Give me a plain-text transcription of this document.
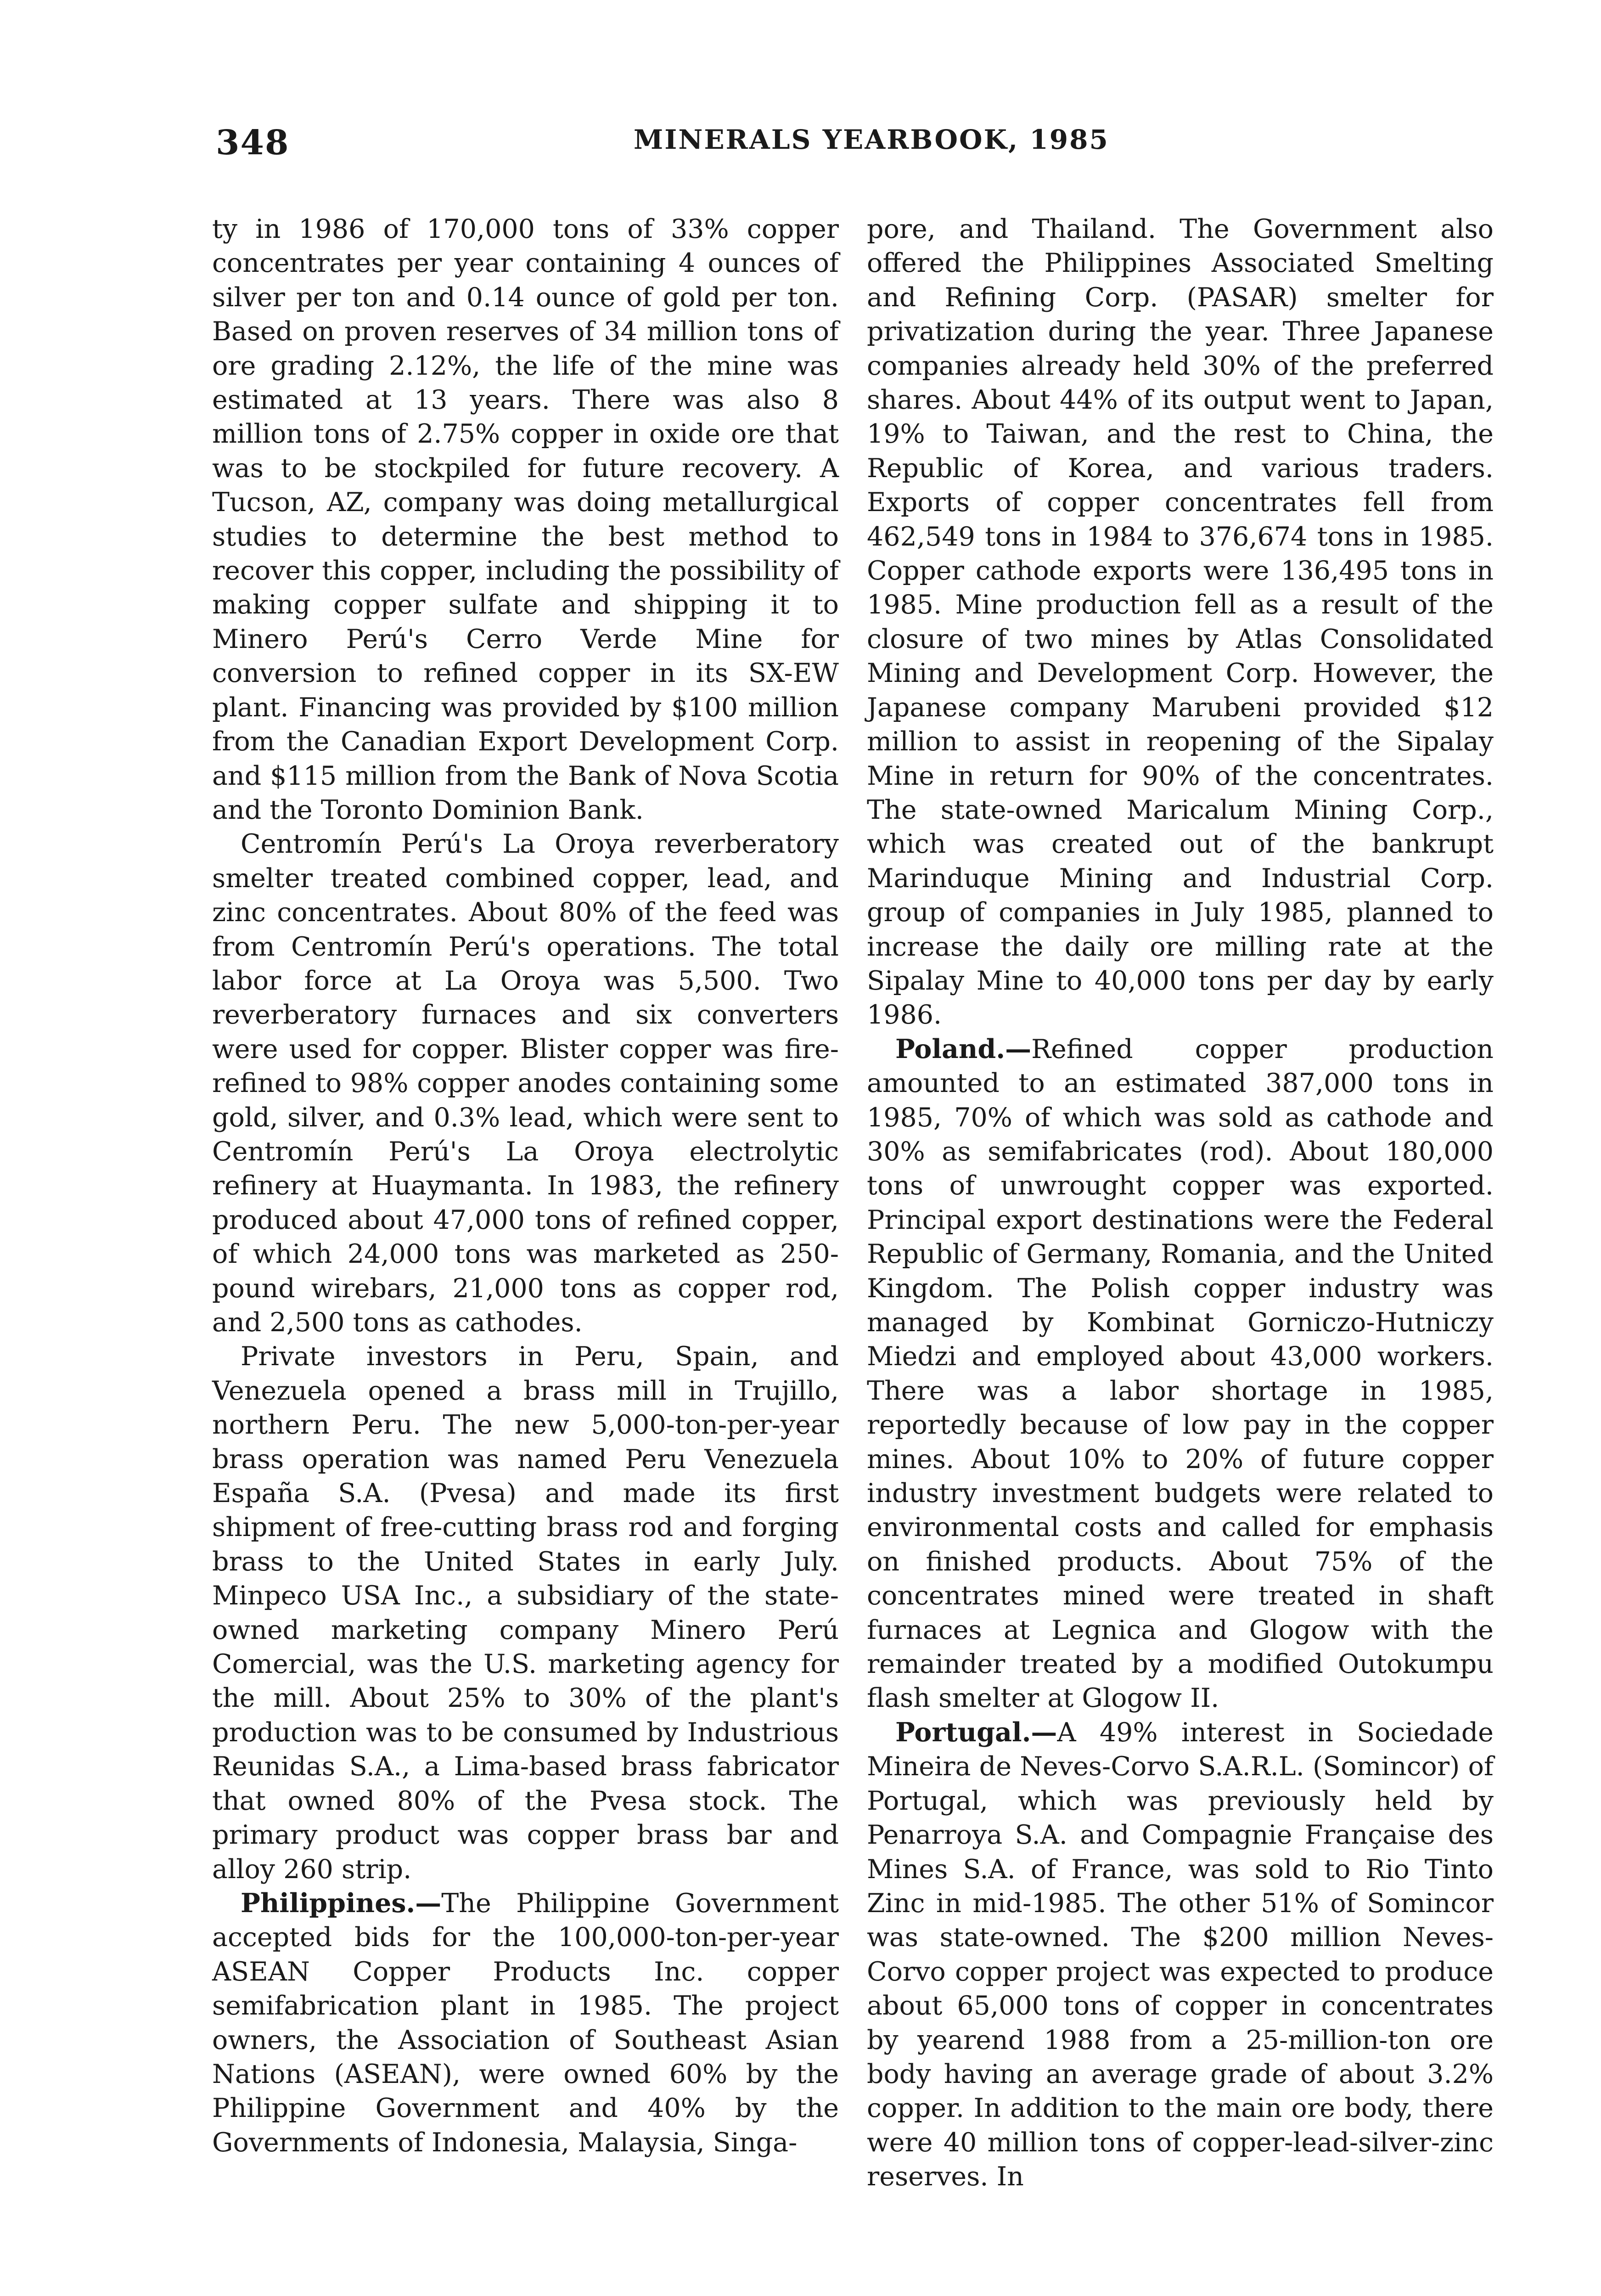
348	MINERALS YEARBOOK, 1985

ty in 1986 of 170,000 tons of 33% copper concentrates per year containing 4 ounces of silver per ton and 0.14 ounce of gold per ton. Based on proven reserves of 34 million tons of ore grading 2.12%, the life of the mine was estimated at 13 years. There was also 8 million tons of 2.75% copper in oxide ore that was to be stockpiled for future recovery. A Tucson, AZ, company was doing metallurgical studies to determine the best method to recover this copper, including the possibility of making copper sulfate and shipping it to Minero Perú's Cerro Verde Mine for conversion to refined copper in its SX-EW plant. Financing was provided by $100 million from the Canadian Export Development Corp. and $115 million from the Bank of Nova Scotia and the Toronto Dominion Bank.

Centromín Perú's La Oroya reverberatory smelter treated combined copper, lead, and zinc concentrates. About 80% of the feed was from Centromín Perú's operations. The total labor force at La Oroya was 5,500. Two reverberatory furnaces and six converters were used for copper. Blister copper was fire-refined to 98% copper anodes containing some gold, silver, and 0.3% lead, which were sent to Centromín Perú's La Oroya electrolytic refinery at Huaymanta. In 1983, the refinery produced about 47,000 tons of refined copper, of which 24,000 tons was marketed as 250-pound wirebars, 21,000 tons as copper rod, and 2,500 tons as cathodes.

Private investors in Peru, Spain, and Venezuela opened a brass mill in Trujillo, northern Peru. The new 5,000-ton-per-year brass operation was named Peru Venezuela España S.A. (Pvesa) and made its first shipment of free-cutting brass rod and forging brass to the United States in early July. Minpeco USA Inc., a subsidiary of the state-owned marketing company Minero Perú Comercial, was the U.S. marketing agency for the mill. About 25% to 30% of the plant's production was to be consumed by Industrious Reunidas S.A., a Lima-based brass fabricator that owned 80% of the Pvesa stock. The primary product was copper brass bar and alloy 260 strip.

Philippines.—The Philippine Government accepted bids for the 100,000-ton-per-year ASEAN Copper Products Inc. copper semifabrication plant in 1985. The project owners, the Association of Southeast Asian Nations (ASEAN), were owned 60% by the Philippine Government and 40% by the Governments of Indonesia, Malaysia, Singa-

pore, and Thailand. The Government also offered the Philippines Associated Smelting and Refining Corp. (PASAR) smelter for privatization during the year. Three Japanese companies already held 30% of the preferred shares. About 44% of its output went to Japan, 19% to Taiwan, and the rest to China, the Republic of Korea, and various traders. Exports of copper concentrates fell from 462,549 tons in 1984 to 376,674 tons in 1985. Copper cathode exports were 136,495 tons in 1985. Mine production fell as a result of the closure of two mines by Atlas Consolidated Mining and Development Corp. However, the Japanese company Marubeni provided $12 million to assist in reopening of the Sipalay Mine in return for 90% of the concentrates. The state-owned Maricalum Mining Corp., which was created out of the bankrupt Marinduque Mining and Industrial Corp. group of companies in July 1985, planned to increase the daily ore milling rate at the Sipalay Mine to 40,000 tons per day by early 1986.

Poland.—Refined copper production amounted to an estimated 387,000 tons in 1985, 70% of which was sold as cathode and 30% as semifabricates (rod). About 180,000 tons of unwrought copper was exported. Principal export destinations were the Federal Republic of Germany, Romania, and the United Kingdom. The Polish copper industry was managed by Kombinat Gorniczo-Hutniczy Miedzi and employed about 43,000 workers. There was a labor shortage in 1985, reportedly because of low pay in the copper mines. About 10% to 20% of future copper industry investment budgets were related to environmental costs and called for emphasis on finished products. About 75% of the concentrates mined were treated in shaft furnaces at Legnica and Glogow with the remainder treated by a modified Outokumpu flash smelter at Glogow II.

Portugal.—A 49% interest in Sociedade Mineira de Neves-Corvo S.A.R.L. (Somincor) of Portugal, which was previously held by Penarroya S.A. and Compagnie Française des Mines S.A. of France, was sold to Rio Tinto Zinc in mid-1985. The other 51% of Somincor was state-owned. The $200 million Neves-Corvo copper project was expected to produce about 65,000 tons of copper in concentrates by yearend 1988 from a 25-million-ton ore body having an average grade of about 3.2% copper. In addition to the main ore body, there were 40 million tons of copper-lead-silver-zinc reserves. In
